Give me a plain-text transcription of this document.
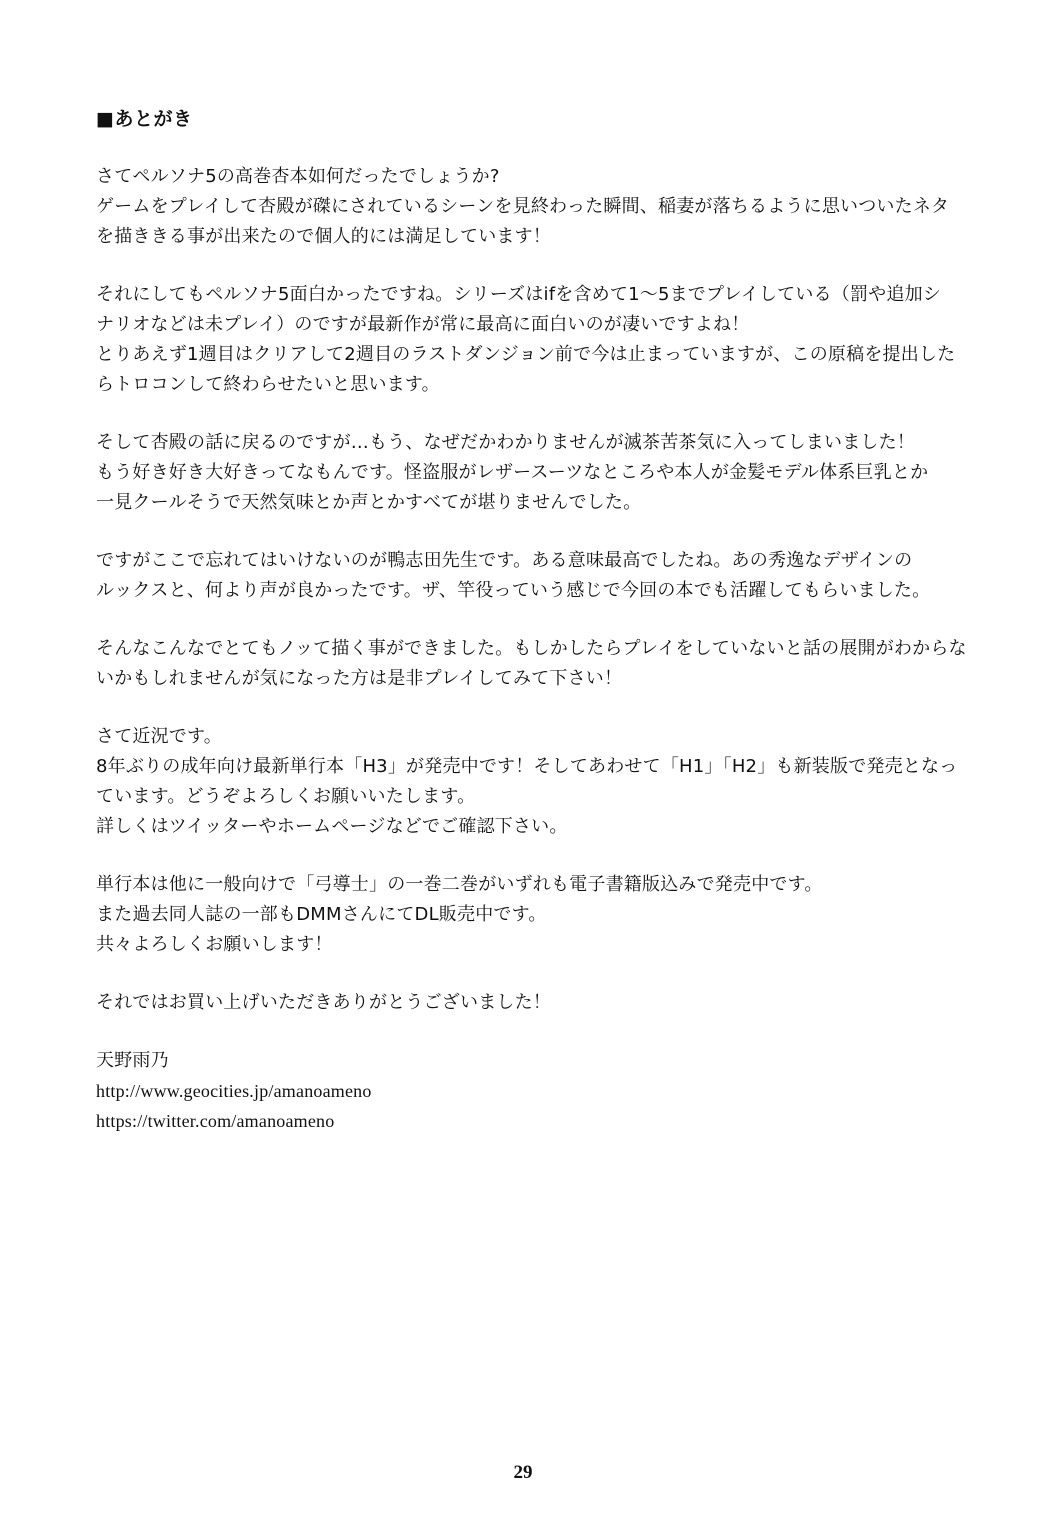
■あとがき
さてペルソナ5の高巻杏本如何だったでしょうか?
ゲームをプレイして杏殿が磔にされているシーンを見終わった瞬間、稲妻が落ちるように思いついたネタ
を描ききる事が出来たので個人的には満足しています！
それにしてもペルソナ5面白かったですね。シリーズはifを含めて1〜5までプレイしている（罰や追加シ
ナリオなどは未プレイ）のですが最新作が常に最高に面白いのが凄いですよね！
とりあえず1週目はクリアして2週目のラストダンジョン前で今は止まっていますが、この原稿を提出した
らトロコンして終わらせたいと思います。
そして杏殿の話に戻るのですが…もう、なぜだかわかりませんが滅茶苦茶気に入ってしまいました！
もう好き好き大好きってなもんです。怪盗服がレザースーツなところや本人が金髪モデル体系巨乳とか
一見クールそうで天然気味とか声とかすべてが堪りませんでした。
ですがここで忘れてはいけないのが鴨志田先生です。ある意味最高でしたね。あの秀逸なデザインの
ルックスと、何より声が良かったです。ザ、竿役っていう感じで今回の本でも活躍してもらいました。
そんなこんなでとてもノッて描く事ができました。もしかしたらプレイをしていないと話の展開がわからな
いかもしれませんが気になった方は是非プレイしてみて下さい！
さて近況です。
8年ぶりの成年向け最新単行本「H3」が発売中です！そしてあわせて「H1」「H2」も新装版で発売となっ
ています。どうぞよろしくお願いいたします。
詳しくはツイッターやホームページなどでご確認下さい。
単行本は他に一般向けで「弓導士」の一巻二巻がいずれも電子書籍版込みで発売中です。
また過去同人誌の一部もDMMさんにてDL販売中です。
共々よろしくお願いします！
それではお買い上げいただきありがとうございました！
天野雨乃
http://www.geocities.jp/amanoameno
https://twitter.com/amanoameno
29
